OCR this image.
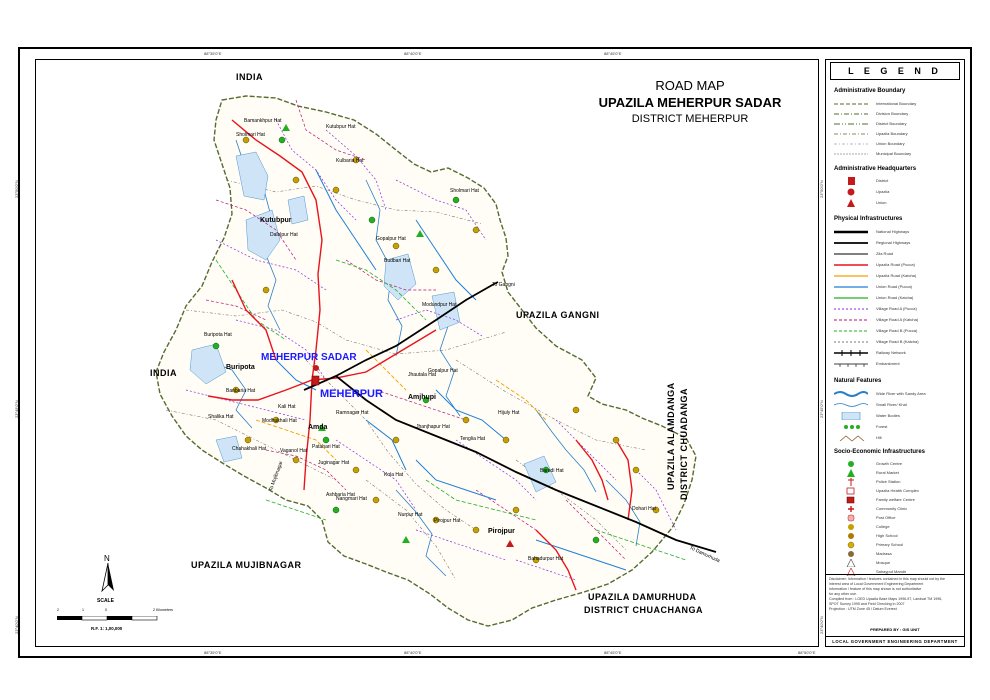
INDIA
INDIA
UPAZILA GANGNI
UPAZILA MUJIBNAGAR
UPAZILA DAMURHUDA
DISTRICT CHUACHANGA
UPAZILA ALAMDANGA DISTRICT CHUADANGA
MEHERPUR SADAR
MEHERPUR
Kutubpur
Buripota
Amda
Amjhupi
Pirojpur
Bamankhpur Hat
Sholmari Hat
Kutubpur Hat
Kulbaria Hat
Sholmari Hat
Dalalpur Hat
Gopalpur Hat
Budbari Hat
Modundpur Hat
Buripota Hat
Banbaria Hat
Shalika Hat
Kali Hat
Ramnagar Hat
Jhautala Hat
Chahakhali Hat
Modhukhali Hat
Patahari Hat
Juginagar Hat
Kola Hat
Nurpur Hat
Pirojpur Hat
Baradi Hat
Dohari Hat
Bahadurpur Hat
Hijuly Hat
Jhanjhapur Hat
Tenglia Hat
Ashbaria Hat
Nangmari Hat
Vaganol Hat
Gopalpur Hat
To Gangni
To Mujibnagar
To Damurhuda
ROAD MAP
UPAZILA MEHERPUR SADAR
DISTRICT MEHERPUR
88°35'0"E	88°40'0"E	88°45'0"E
88°35'0"E	88°40'0"E	88°45'0"E	88°50'0"E
23°50'0"N
23°45'0"N
23°40'0"N
23°50'0"N
23°45'0"N
23°40'0"N
N
SCALE
2	1	0	2 Kilometers
R.F. 1: 1,00,000
L E G E N D
Administrative Boundary
International Boundary
Division Boundary
District Boundary
Upazila Boundary
Union Boundary
Municipal Boundary
Administrative Headquarters
District
Upazila
Union
Physical Infrastructures
National Highways
Regional Highways
Zila Road
Upazila Road (Pucca)
Upazila Road (Katcha)
Union Road (Pucca)
Union Road (Katcha)
Village Road A (Pucca)
Village Road A (Katcha)
Village Road B (Pucca)
Village Road B (Katcha)
Railway Network
Embankment
Natural Features
Wide River with Sandy Area
Small River/ Khal
Water Bodies
Forest
Hill
Socio-Economic Infrastructures
Growth Centre
Rural Market
Police Station
Upazila Health Complex
Family welfare Centre
Community Clinic
Post Office
College
High School
Primary School
Madrasa
Mosque
Sahayput Mandir
Disclaimer: Information / features contained in this map should not by the
interest area of Local Government Engineering Department
Information / feature of this map shown is not authoritative
for any other use.
Compiled from : LGED Upazila Base Maps 1996-97, Landsat TM 1996,
SPOT Survey 1995 and Field Checking in 2007
Projection : UTM Zone 45 / Datum Everest
PREPARED BY : GIS UNIT
LOCAL GOVERNMENT ENGINEERING DEPARTMENT
